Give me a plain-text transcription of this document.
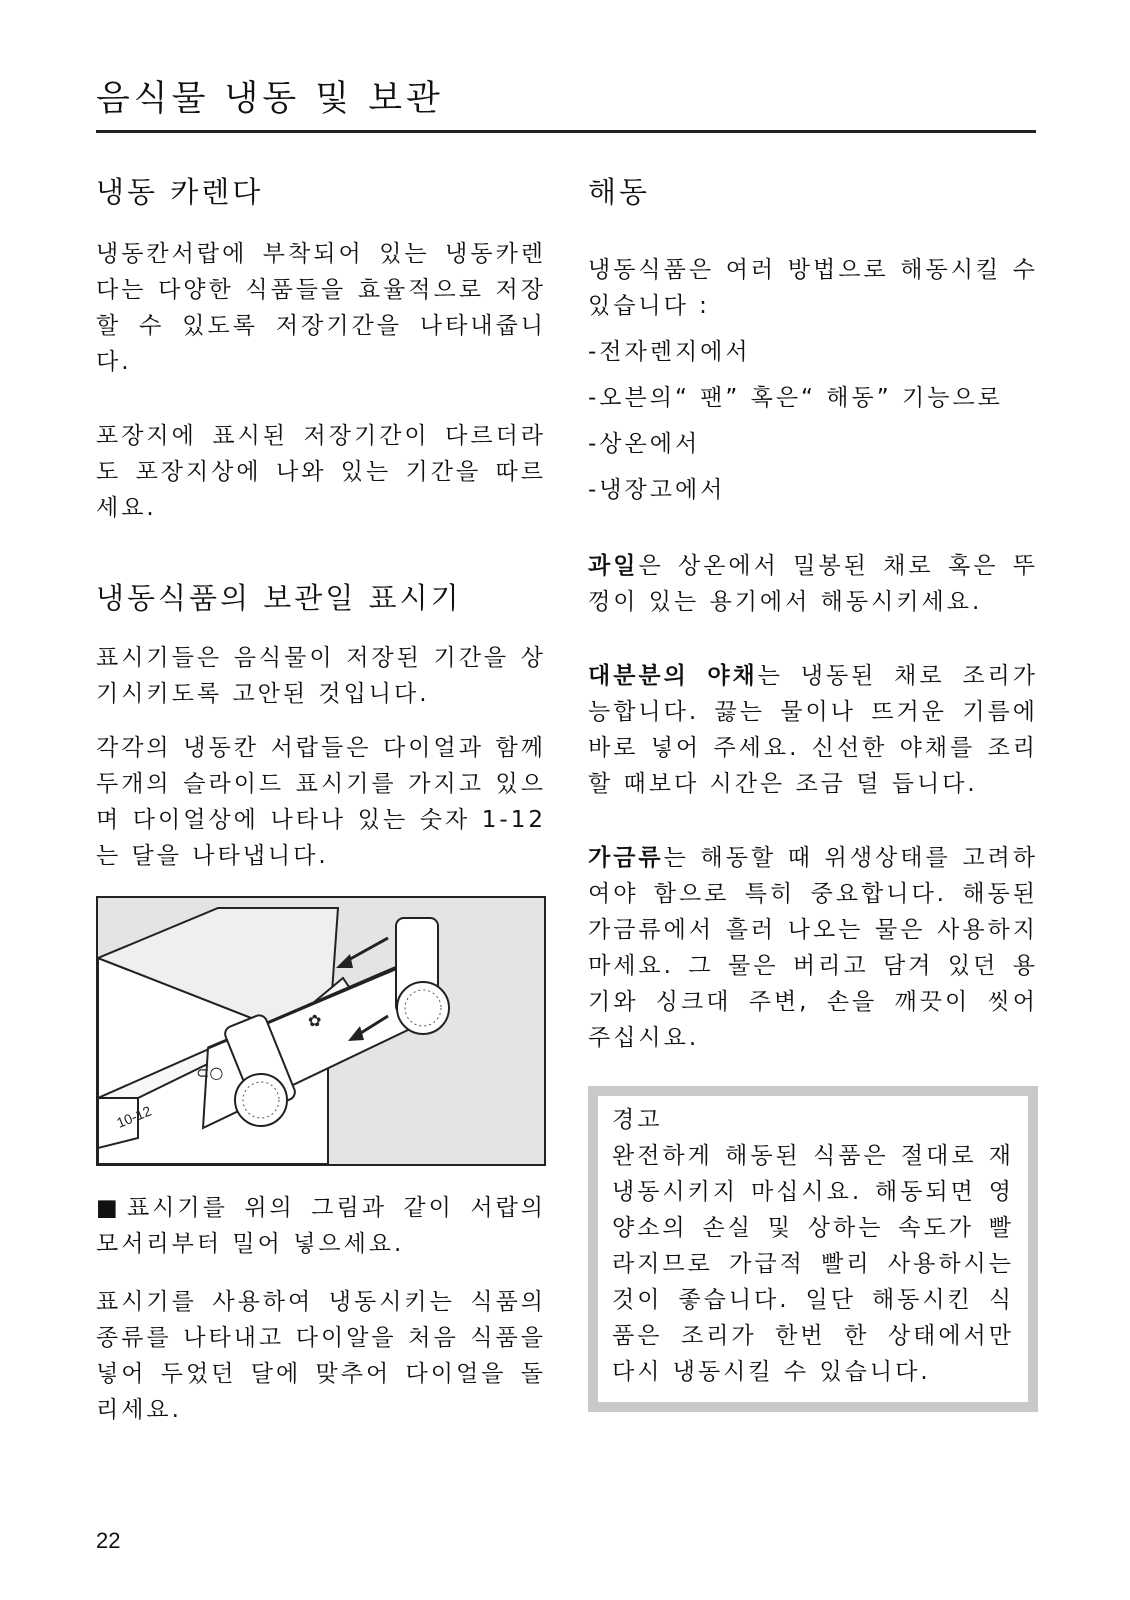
음식물 냉동 및 보관
냉동 카렌다

냉동칸서랍에 부착되어 있는 냉동카렌다는 다양한 식품들을 효율적으로 저장할 수 있도록 저장기간을 나타내줍니다.

포장지에 표시된 저장기간이 다르더라도 포장지상에 나와 있는 기간을 따르세요.

냉동식품의 보관일 표시기

표시기들은 음식물이 저장된 기간을 상기시키도록 고안된 것입니다.

각각의 냉동칸 서랍들은 다이얼과 함께 두개의 슬라이드 표시기를 가지고 있으며 다이얼상에 나타나 있는 숫자 1-12는 달을 나타냅니다.

⊂○
✿
10-12

■표시기를 위의 그림과 같이 서랍의 모서리부터 밀어 넣으세요.

표시기를 사용하여 냉동시키는 식품의 종류를 나타내고 다이알을 처음 식품을 넣어 두었던 달에 맞추어 다이얼을 돌리세요.

해동

냉동식품은 여러 방법으로 해동시킬 수 있습니다 :

-전자렌지에서
-오븐의“ 팬” 혹은“ 해동” 기능으로
-상온에서
-냉장고에서

과일은 상온에서 밀봉된 채로 혹은 뚜껑이 있는 용기에서 해동시키세요.

대분분의 야채는 냉동된 채로 조리가 능합니다. 끓는 물이나 뜨거운 기름에 바로 넣어 주세요. 신선한 야채를 조리할 때보다 시간은 조금 덜 듭니다.

가금류는 해동할 때 위생상태를 고려하여야 함으로 특히 중요합니다. 해동된 가금류에서 흘러 나오는 물은 사용하지 마세요. 그 물은 버리고 담겨 있던 용기와 싱크대 주변, 손을 깨끗이 씻어 주십시요.

경고

완전하게 해동된 식품은 절대로 재냉동시키지 마십시요. 해동되면 영양소의 손실 및 상하는 속도가 빨라지므로 가급적 빨리 사용하시는 것이 좋습니다. 일단 해동시킨 식품은 조리가 한번 한 상태에서만 다시 냉동시킬 수 있습니다.

22
